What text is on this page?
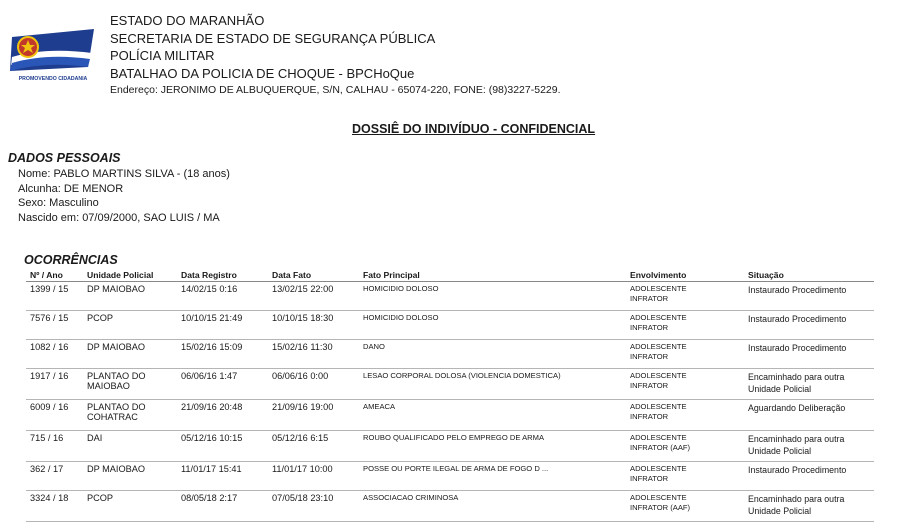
PROMOVENDO CIDADANIA
ESTADO DO MARANHÃO
SECRETARIA DE ESTADO DE SEGURANÇA PÚBLICA
POLÍCIA MILITAR
BATALHAO DA POLICIA DE CHOQUE - BPCHoQue
Endereço: JERONIMO DE ALBUQUERQUE, S/N, CALHAU - 65074-220, FONE: (98)3227-5229.
DOSSIÊ DO INDIVÍDUO - CONFIDENCIAL
DADOS PESSOAIS
Nome: PABLO MARTINS SILVA - (18 anos)
Alcunha: DE MENOR
Sexo: Masculino
Nascido em: 07/09/2000, SAO LUIS / MA
OCORRÊNCIAS
Nº / Ano	Unidade Policial	Data Registro	Data Fato	Fato Principal	Envolvimento	Situação
1399 / 15	DP MAIOBAO	14/02/15 0:16	13/02/15 22:00	HOMICIDIO DOLOSO	ADOLESCENTE
INFRATOR	Instaurado Procedimento
7576 / 15	PCOP	10/10/15 21:49	10/10/15 18:30	HOMICIDIO DOLOSO	ADOLESCENTE
INFRATOR	Instaurado Procedimento
1082 / 16	DP MAIOBAO	15/02/16 15:09	15/02/16 11:30	DANO	ADOLESCENTE
INFRATOR	Instaurado Procedimento
1917 / 16	PLANTAO DO
MAIOBAO	06/06/16 1:47	06/06/16 0:00	LESAO CORPORAL DOLOSA (VIOLENCIA DOMESTICA)	ADOLESCENTE
INFRATOR	Encaminhado para outra
Unidade Policial
6009 / 16	PLANTAO DO
COHATRAC	21/09/16 20:48	21/09/16 19:00	AMEACA	ADOLESCENTE
INFRATOR	Aguardando Deliberação
715 / 16	DAI	05/12/16 10:15	05/12/16 6:15	ROUBO QUALIFICADO PELO EMPREGO DE ARMA	ADOLESCENTE
INFRATOR (AAF)	Encaminhado para outra
Unidade Policial
362 / 17	DP MAIOBAO	11/01/17 15:41	11/01/17 10:00	POSSE OU PORTE ILEGAL DE ARMA DE FOGO D ...	ADOLESCENTE
INFRATOR	Instaurado Procedimento
3324 / 18	PCOP	08/05/18 2:17	07/05/18 23:10	ASSOCIACAO CRIMINOSA	ADOLESCENTE
INFRATOR (AAF)	Encaminhado para outra
Unidade Policial
